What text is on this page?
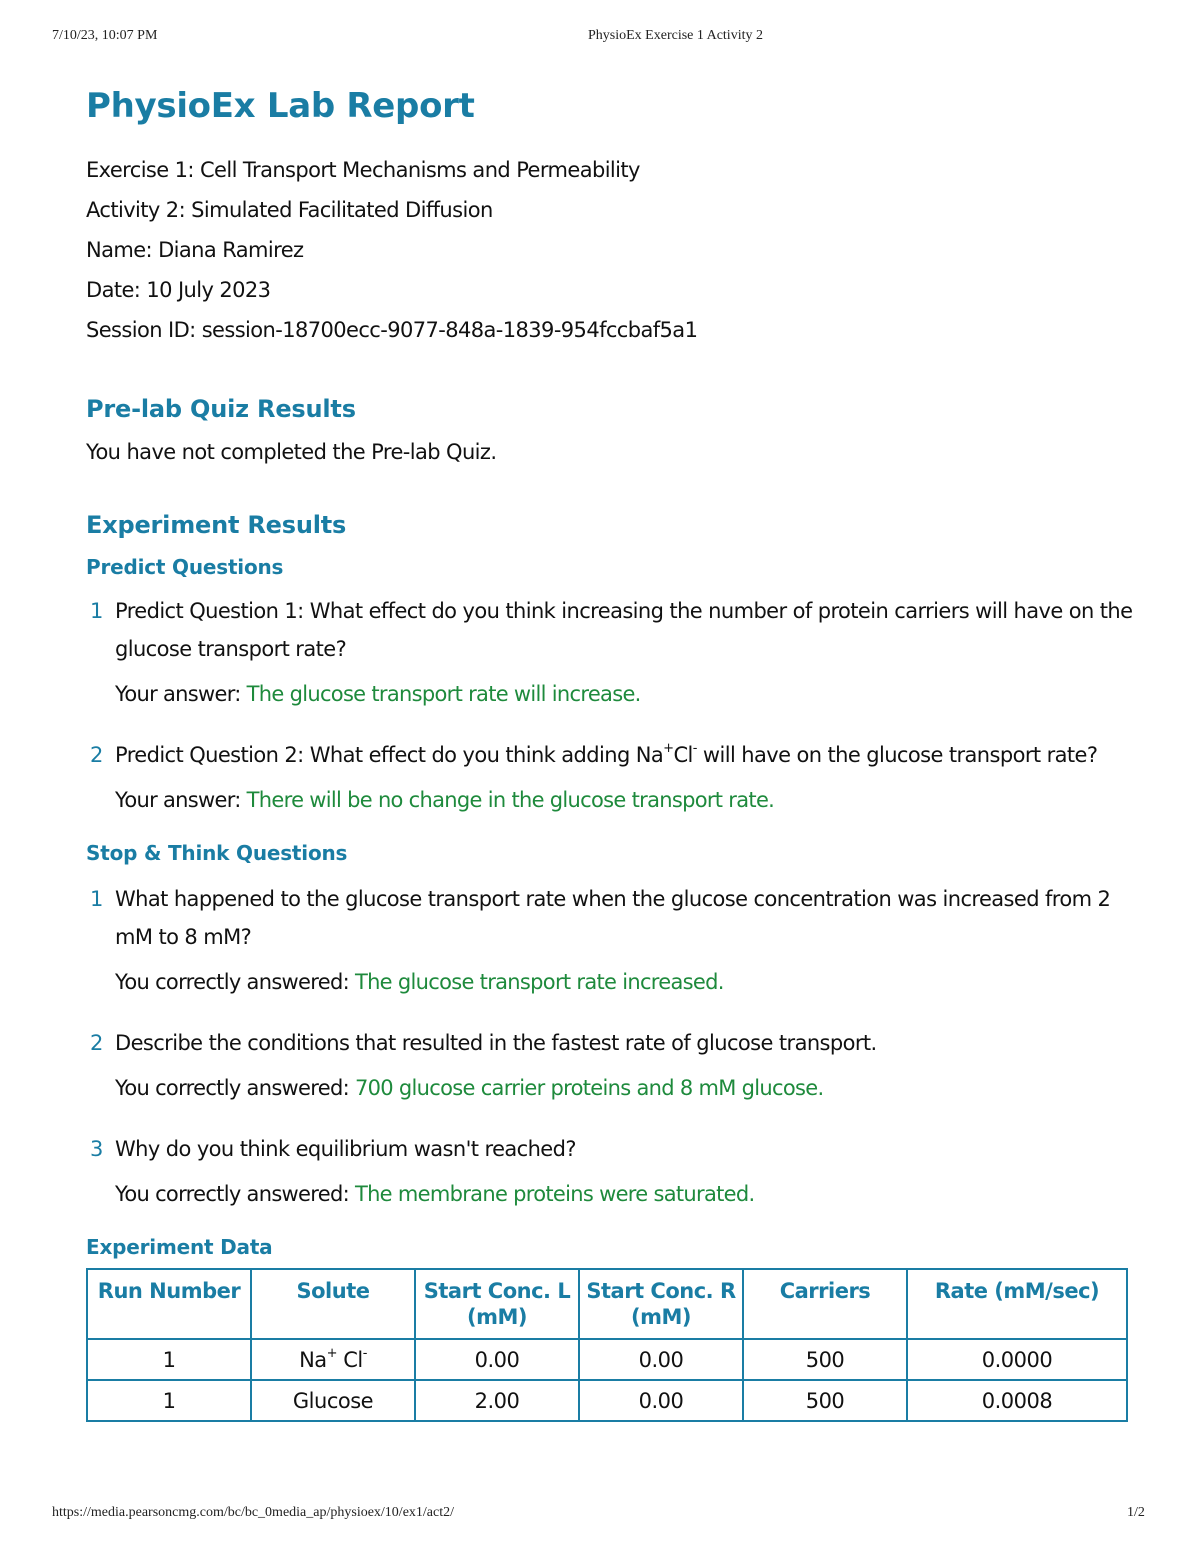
7/10/23, 10:07 PM	PhysioEx Exercise 1 Activity 2
PhysioEx Lab Report
Exercise 1: Cell Transport Mechanisms and Permeability
Activity 2: Simulated Facilitated Diffusion
Name: Diana Ramirez
Date: 10 July 2023
Session ID: session-18700ecc-9077-848a-1839-954fccbaf5a1
Pre-lab Quiz Results
You have not completed the Pre-lab Quiz.
Experiment Results
Predict Questions
1 Predict Question 1: What effect do you think increasing the number of protein carriers will have on the glucose transport rate?
Your answer: The glucose transport rate will increase.
2 Predict Question 2: What effect do you think adding Na+Cl- will have on the glucose transport rate?
Your answer: There will be no change in the glucose transport rate.
Stop & Think Questions
1 What happened to the glucose transport rate when the glucose concentration was increased from 2 mM to 8 mM?
You correctly answered: The glucose transport rate increased.
2 Describe the conditions that resulted in the fastest rate of glucose transport.
You correctly answered: 700 glucose carrier proteins and 8 mM glucose.
3 Why do you think equilibrium wasn't reached?
You correctly answered: The membrane proteins were saturated.
Experiment Data
Run Number	Solute	Start Conc. L (mM)	Start Conc. R (mM)	Carriers	Rate (mM/sec)
1	Na+ Cl-	0.00	0.00	500	0.0000
1	Glucose	2.00	0.00	500	0.0008
https://media.pearsoncmg.com/bc/bc_0media_ap/physioex/10/ex1/act2/	1/2
